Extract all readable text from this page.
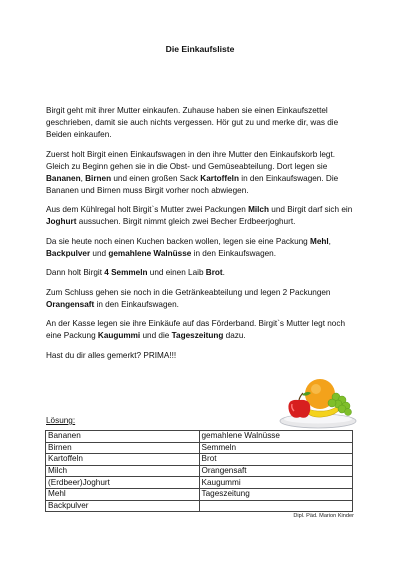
Die Einkaufsliste

Birgit geht mit ihrer Mutter einkaufen. Zuhause haben sie einen Einkaufszettel geschrieben, damit sie auch nichts vergessen. Hör gut zu und merke dir, was die Beiden einkaufen.

Zuerst holt Birgit einen Einkaufswagen in den ihre Mutter den Einkaufskorb legt. Gleich zu Beginn gehen sie in die Obst- und Gemüseabteilung. Dort legen sie Bananen, Birnen und einen großen Sack Kartoffeln in den Einkaufswagen. Die Bananen und Birnen muss Birgit vorher noch abwiegen.

Aus dem Kühlregal holt Birgit`s Mutter zwei Packungen Milch und Birgit darf sich ein Joghurt aussuchen. Birgit nimmt gleich zwei Becher Erdbeerjoghurt.

Da sie heute noch einen Kuchen backen wollen, legen sie eine Packung Mehl, Backpulver und gemahlene Walnüsse in den Einkaufswagen.

Dann holt Birgit 4 Semmeln und einen Laib Brot.

Zum Schluss gehen sie noch in die Getränkeabteilung und legen 2 Packungen Orangensaft in den Einkaufswagen.

An der Kasse legen sie ihre Einkäufe auf das Förderband. Birgit`s Mutter legt noch eine Packung Kaugummi und die Tageszeitung dazu.

Hast du dir alles gemerkt? PRIMA!!!

Lösung:
Bananen	gemahlene Walnüsse
Birnen	Semmeln
Kartoffeln	Brot
Milch	Orangensaft
(Erdbeer)Joghurt	Kaugummi
Mehl	Tageszeitung
Backpulver	
Dipl. Päd. Marion Kinder
